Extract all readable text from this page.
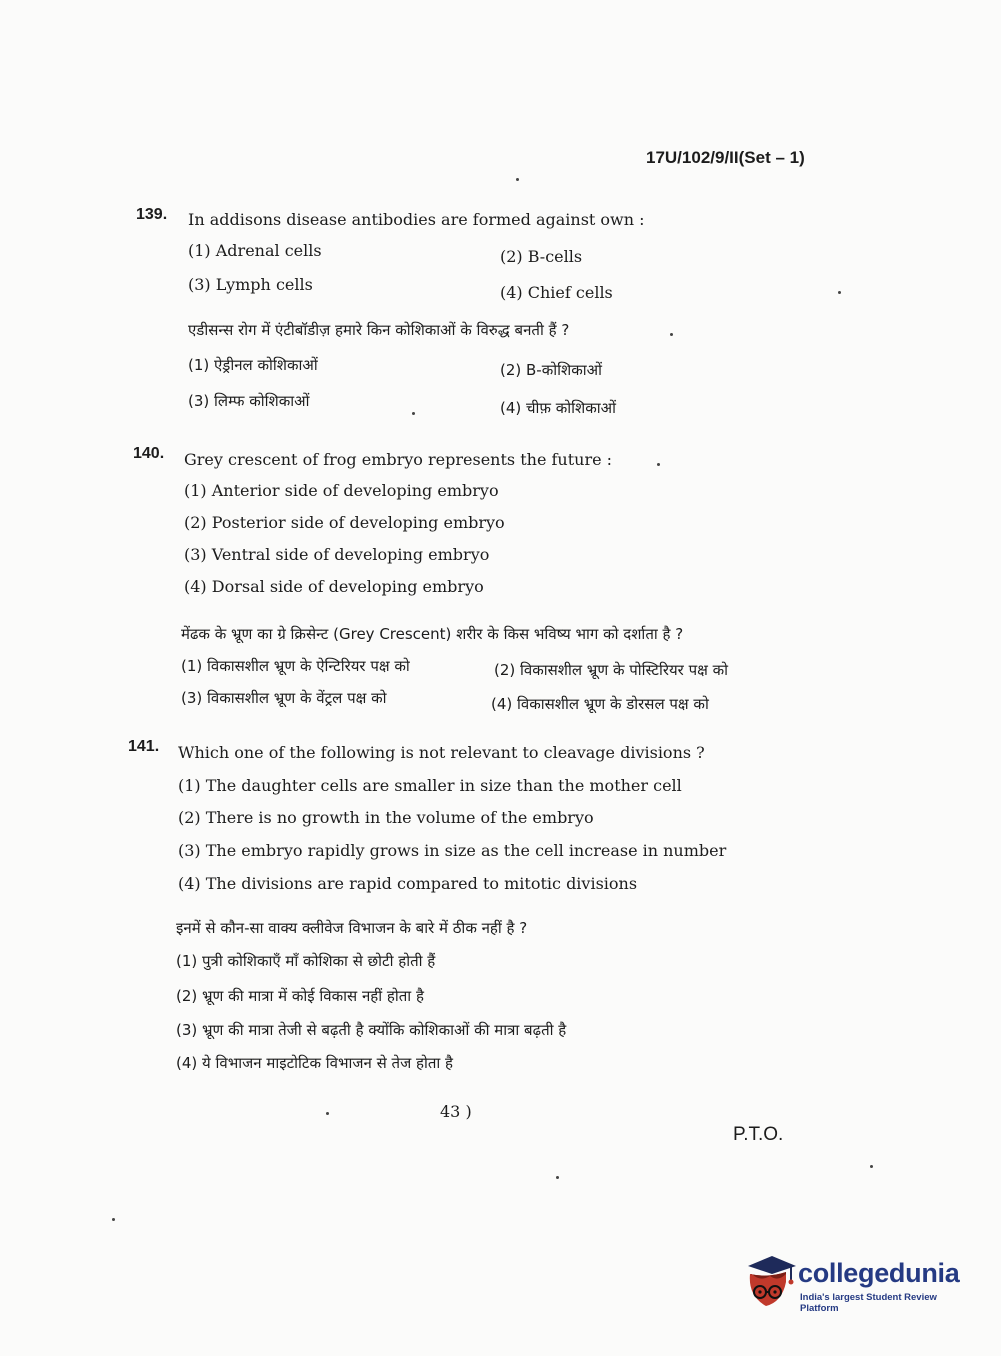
17U/102/9/II(Set – 1)
139. In addisons disease antibodies are formed against own :
(1) Adrenal cells	(2) B-cells
(3) Lymph cells	(4) Chief cells
एडीसन्स रोग में एंटीबॉडीज़ हमारे किन कोशिकाओं के विरुद्ध बनती हैं ?
(1) ऐड्रीनल कोशिकाओं	(2) B-कोशिकाओं
(3) लिम्फ कोशिकाओं	(4) चीफ़ कोशिकाओं
140. Grey crescent of frog embryo represents the future :
(1) Anterior side of developing embryo
(2) Posterior side of developing embryo
(3) Ventral side of developing embryo
(4) Dorsal side of developing embryo
मेंढक के भ्रूण का ग्रे क्रिसेन्ट (Grey Crescent) शरीर के किस भविष्य भाग को दर्शाता है ?
(1) विकासशील भ्रूण के ऐन्टिरियर पक्ष को	(2) विकासशील भ्रूण के पोस्टिरियर पक्ष को
(3) विकासशील भ्रूण के वेंट्रल पक्ष को	(4) विकासशील भ्रूण के डोरसल पक्ष को
141. Which one of the following is not relevant to cleavage divisions ?
(1) The daughter cells are smaller in size than the mother cell
(2) There is no growth in the volume of the embryo
(3) The embryo rapidly grows in size as the cell increase in number
(4) The divisions are rapid compared to mitotic divisions
इनमें से कौन-सा वाक्य क्लीवेज विभाजन के बारे में ठीक नहीं है ?
(1) पुत्री कोशिकाएँ माँ कोशिका से छोटी होती हैं
(2) भ्रूण की मात्रा में कोई विकास नहीं होता है
(3) भ्रूण की मात्रा तेजी से बढ़ती है क्योंकि कोशिकाओं की मात्रा बढ़ती है
(4) ये विभाजन माइटोटिक विभाजन से तेज होता है
43 )
P.T.O.
collegedunia
India's largest Student Review Platform
